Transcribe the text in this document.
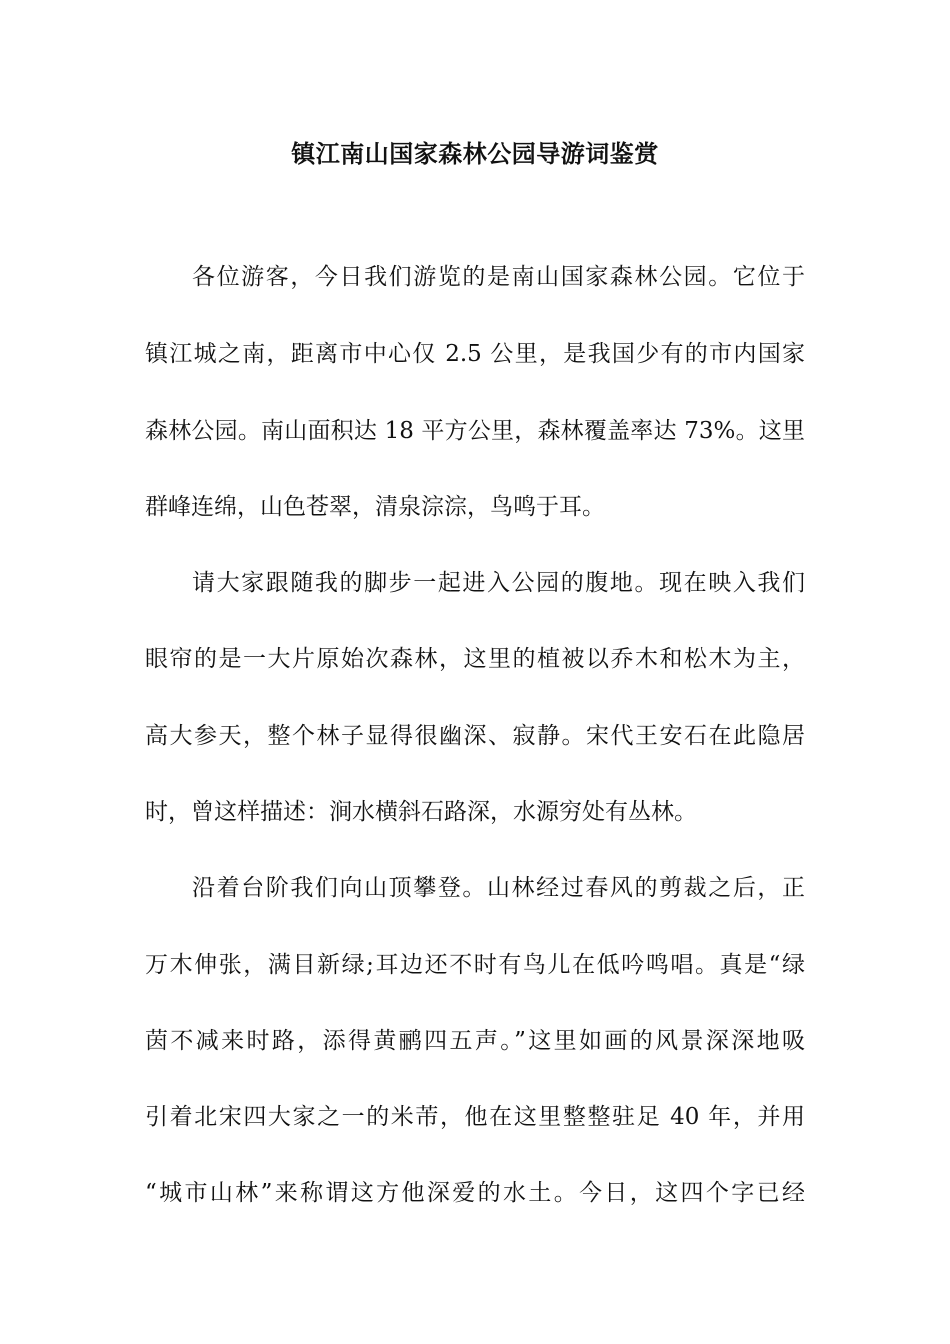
镇江南山国家森林公园导游词鉴赏
各位游客，今日我们游览的是南山国家森林公园。它位于
镇江城之南，距离市中心仅 2.5 公里，是我国少有的市内国家
森林公园。南山面积达 18 平方公里，森林覆盖率达 73%。这里
群峰连绵，山色苍翠，清泉淙淙，鸟鸣于耳。
请大家跟随我的脚步一起进入公园的腹地。现在映入我们
眼帘的是一大片原始次森林，这里的植被以乔木和松木为主，
高大参天，整个林子显得很幽深、寂静。宋代王安石在此隐居
时，曾这样描述：涧水横斜石路深，水源穷处有丛林。
沿着台阶我们向山顶攀登。山林经过春风的剪裁之后，正
万木伸张，满目新绿;耳边还不时有鸟儿在低吟鸣唱。真是“绿
茵不减来时路，添得黄鹂四五声。”这里如画的风景深深地吸
引着北宋四大家之一的米芾，他在这里整整驻足 40 年，并用
“城市山林”来称谓这方他深爱的水土。今日，这四个字已经
